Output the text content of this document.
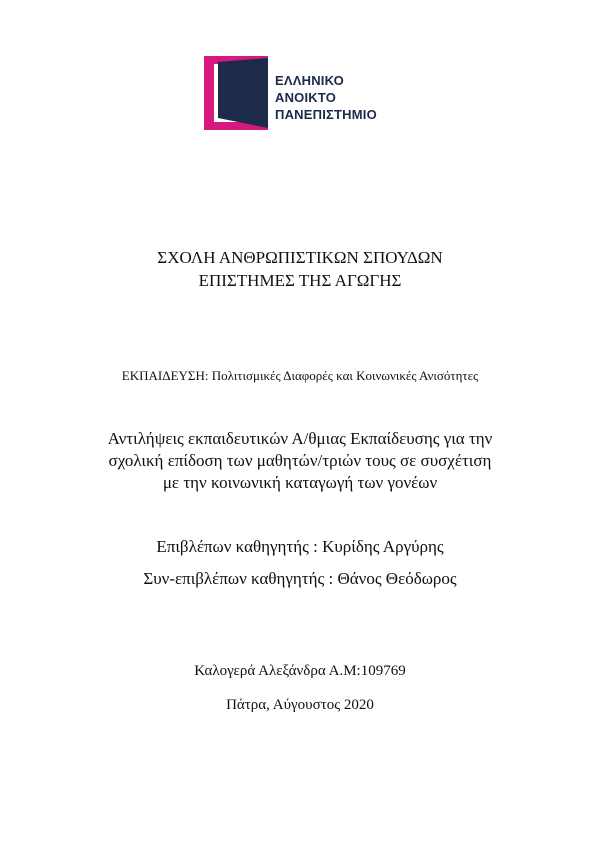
ΕΛΛΗΝΙΚΟ
ΑΝΟΙΚΤΟ
ΠΑΝΕΠΙΣΤΗΜΙΟ
ΣΧΟΛΗ ΑΝΘΡΩΠΙΣΤΙΚΩΝ ΣΠΟΥΔΩΝ
ΕΠΙΣΤΗΜΕΣ ΤΗΣ ΑΓΩΓΗΣ
ΕΚΠΑΙΔΕΥΣΗ: Πολιτισμικές Διαφορές και Κοινωνικές Ανισότητες
Αντιλήψεις εκπαιδευτικών Α/θμιας Εκπαίδευσης για την
σχολική επίδοση των μαθητών/τριών τους σε συσχέτιση
με την κοινωνική καταγωγή των γονέων
Επιβλέπων καθηγητής : Κυρίδης Αργύρης
Συν-επιβλέπων καθηγητής : Θάνος Θεόδωρος
Καλογερά Αλεξάνδρα Α.Μ:109769
Πάτρα, Αύγουστος 2020
